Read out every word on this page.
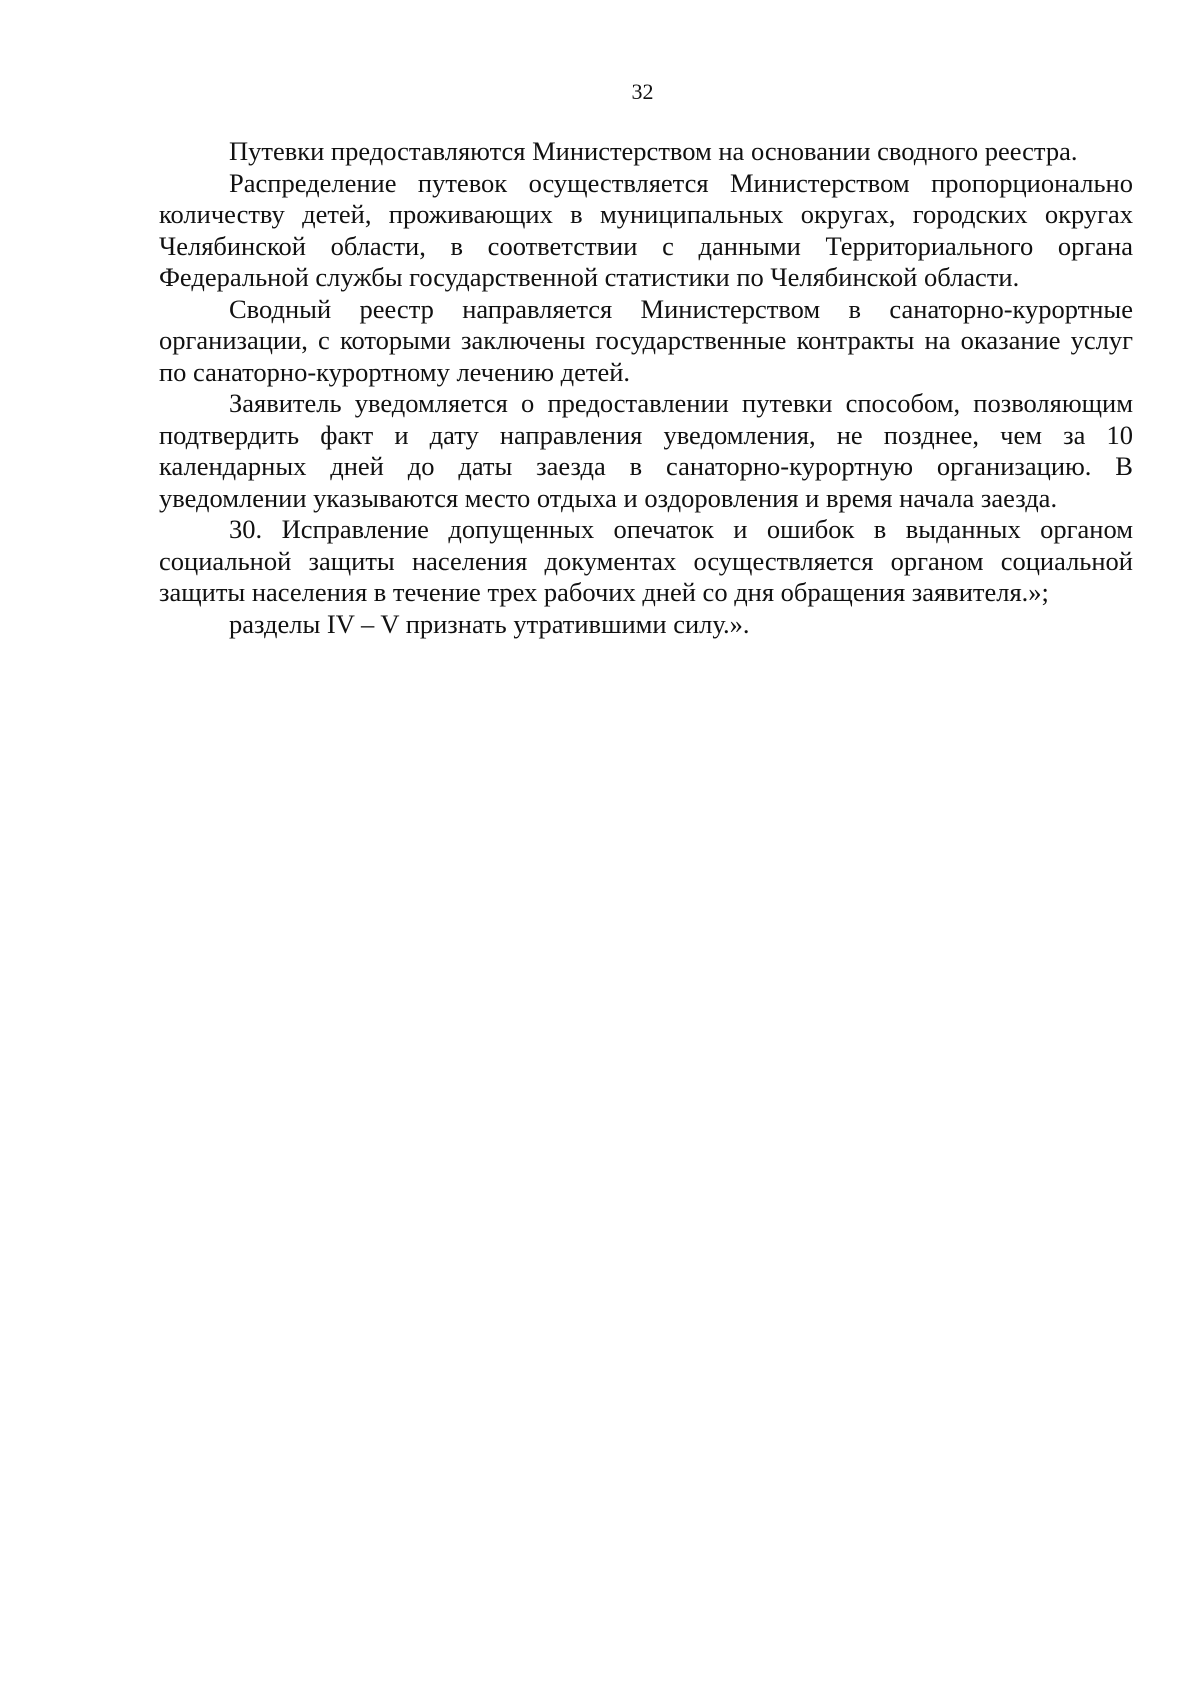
32

Путевки предоставляются Министерством на основании сводного реестра.

Распределение путевок осуществляется Министерством пропорционально количеству детей, проживающих в муниципальных округах, городских округах Челябинской области, в соответствии с данными Территориального органа Федеральной службы государственной статистики по Челябинской области.

Сводный реестр направляется Министерством в санаторно-курортные организации, с которыми заключены государственные контракты на оказание услуг по санаторно-курортному лечению детей.

Заявитель уведомляется о предоставлении путевки способом, позволяющим подтвердить факт и дату направления уведомления, не позднее, чем за 10 календарных дней до даты заезда в санаторно-курортную организацию. В уведомлении указываются место отдыха и оздоровления и время начала заезда.

30. Исправление допущенных опечаток и ошибок в выданных органом социальной защиты населения документах осуществляется органом социальной защиты населения в течение трех рабочих дней со дня обращения заявителя.»;

разделы IV – V признать утратившими силу.».
